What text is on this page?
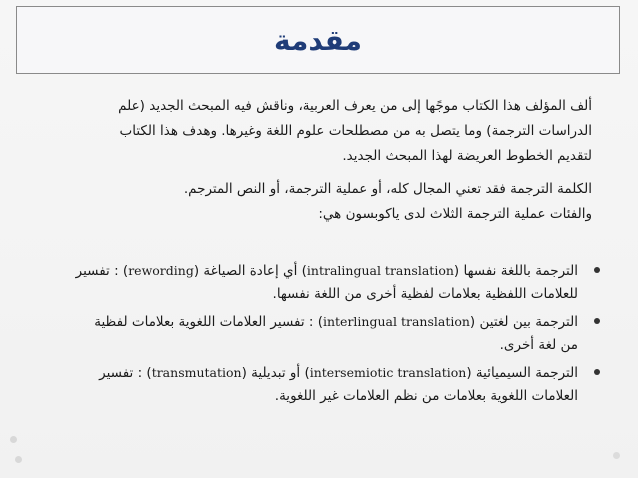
مقدمة

ألف المؤلف هذا الكتاب موجًها إلى من يعرف العربية، وناقش فيه المبحث الجديد (علم

الدراسات الترجمة) وما يتصل به من مصطلحات علوم اللغة وغيرها. وهدف هذا الكتاب

لتقديم الخطوط العريضة لهذا المبحث الجديد.

الكلمة الترجمة فقد تعني المجال كله، أو عملية الترجمة، أو النص المترجم.

والفئات عملية الترجمة الثلاث لدى ياكوبسون هي:

الترجمة باللغة نفسها (intralingual translation) أي إعادة الصياغة (rewording) : تفسير
للعلامات اللفظية بعلامات لفظية أخرى من اللغة نفسها.
الترجمة بين لغتين (interlingual translation) : تفسير العلامات اللغوية بعلامات لفظية
من لغة أخرى.
الترجمة السيميائية (intersemiotic translation) أو تبديلية (transmutation) : تفسير
العلامات اللغوية بعلامات من نظم العلامات غير اللغوية.
